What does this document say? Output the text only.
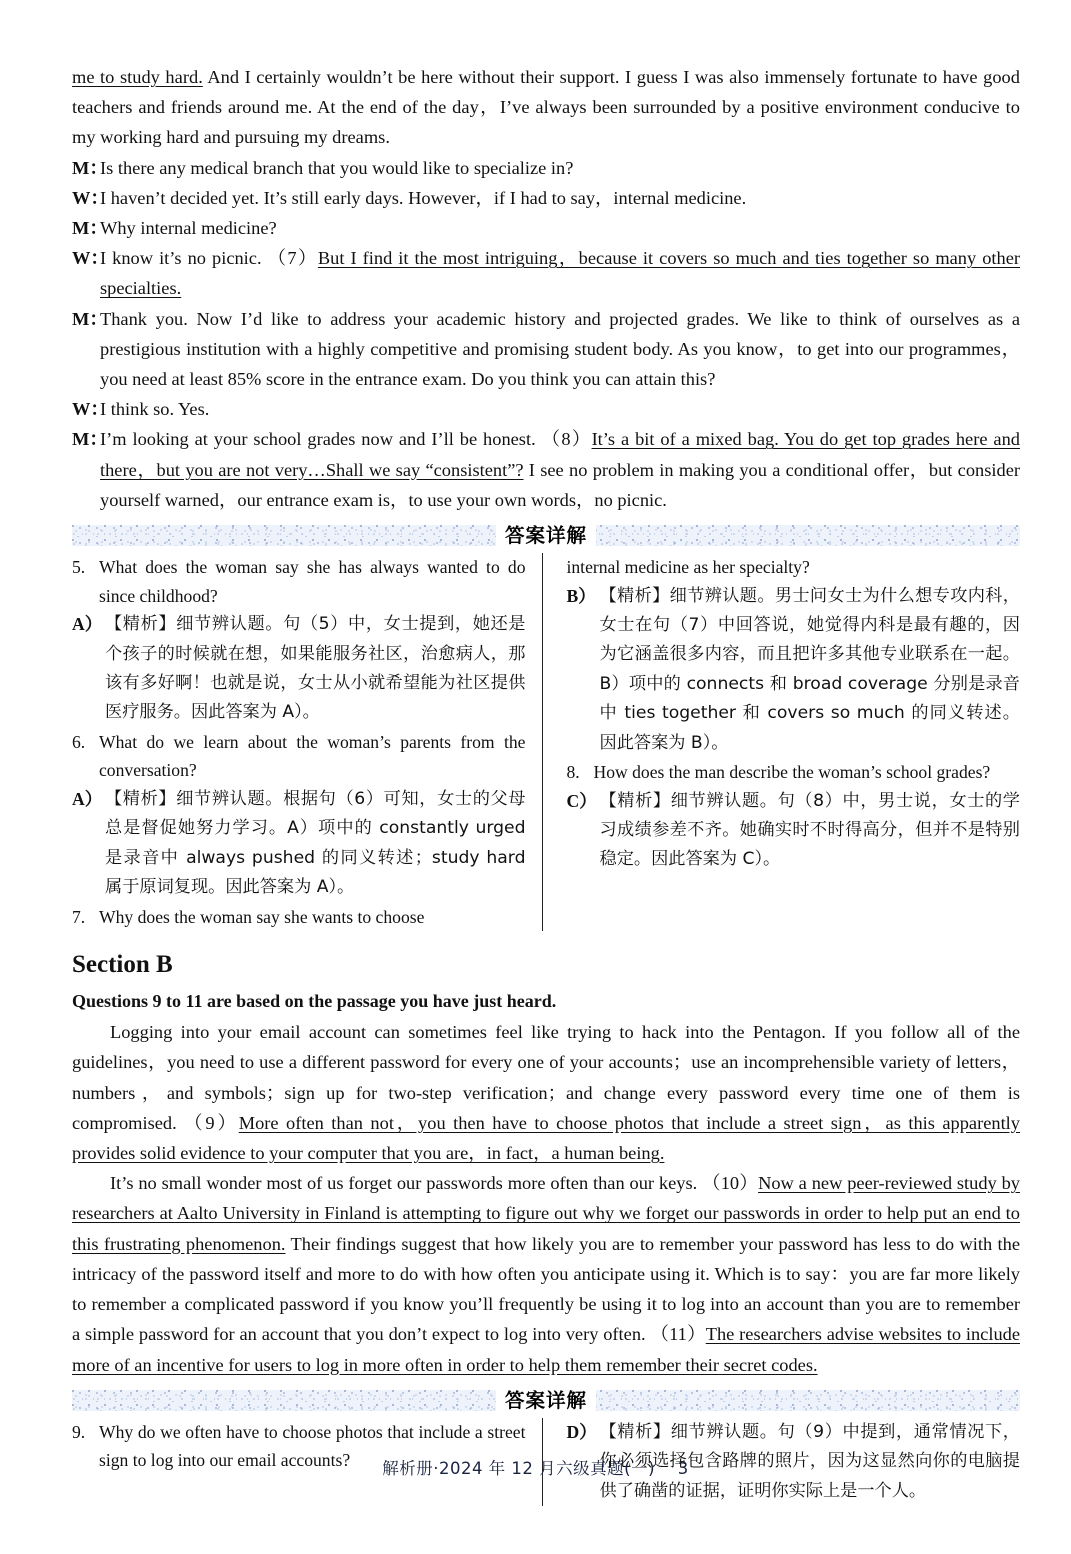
me to study hard. And I certainly wouldn’t be here without their support. I guess I was also immensely fortunate to have good teachers and friends around me. At the end of the day，I’ve always been surrounded by a positive environment conducive to my working hard and pursuing my dreams.

M：
Is there any medical branch that you would like to specialize in?
W：
I haven’t decided yet. It’s still early days. However，if I had to say，internal medicine.
M：
Why internal medicine?
W：
I know it’s no picnic. （7）But I find it the most intriguing，because it covers so much and ties together so many other specialties.
M：
Thank you. Now I’d like to address your academic history and projected grades. We like to think of ourselves as a prestigious institution with a highly competitive and promising student body. As you know，to get into our programmes，you need at least 85% score in the entrance exam. Do you think you can attain this?
W：
I think so. Yes.
M：
I’m looking at your school grades now and I’ll be honest. （8）It’s a bit of a mixed bag. You do get top grades here and there，but you are not very…Shall we say “consistent”? I see no problem in making you a conditional offer，but consider yourself warned，our entrance exam is，to use your own words，no picnic.
答案详解
5. What does the woman say she has always wanted to do since childhood?
A） 【精析】细节辨认题。句（5）中，女士提到，她还是个孩子的时候就在想，如果能服务社区，治愈病人，那该有多好啊！也就是说，女士从小就希望能为社区提供医疗服务。因此答案为 A）。
6. What do we learn about the woman’s parents from the conversation?
A） 【精析】细节辨认题。根据句（6）可知，女士的父母总是督促她努力学习。A）项中的 constantly urged 是录音中 always pushed 的同义转述；study hard 属于原词复现。因此答案为 A）。
7. Why does the woman say she wants to choose
internal medicine as her specialty?
B） 【精析】细节辨认题。男士问女士为什么想专攻内科，女士在句（7）中回答说，她觉得内科是最有趣的，因为它涵盖很多内容，而且把许多其他专业联系在一起。B）项中的 connects 和 broad coverage 分别是录音中 ties together 和 covers so much 的同义转述。因此答案为 B）。
8. How does the man describe the woman’s school grades?
C） 【精析】细节辨认题。句（8）中，男士说，女士的学习成绩参差不齐。她确实时不时得高分，但并不是特别稳定。因此答案为 C）。
Section B
Questions 9 to 11 are based on the passage you have just heard.

Logging into your email account can sometimes feel like trying to hack into the Pentagon. If you follow all of the guidelines，you need to use a different password for every one of your accounts；use an incomprehensible variety of letters，numbers，and symbols；sign up for two-step verification；and change every password every time one of them is compromised. （9）More often than not，you then have to choose photos that include a street sign，as this apparently provides solid evidence to your computer that you are，in fact，a human being.

It’s no small wonder most of us forget our passwords more often than our keys. （10）Now a new peer-reviewed study by researchers at Aalto University in Finland is attempting to figure out why we forget our passwords in order to help put an end to this frustrating phenomenon. Their findings suggest that how likely you are to remember your password has less to do with the intricacy of the password itself and more to do with how often you anticipate using it. Which is to say：you are far more likely to remember a complicated password if you know you’ll frequently be using it to log into an account than you are to remember a simple password for an account that you don’t expect to log into very often. （11）The researchers advise websites to include more of an incentive for users to log in more often in order to help them remember their secret codes.

答案详解
9. Why do we often have to choose photos that include a street sign to log into our email accounts?
D） 【精析】细节辨认题。句（9）中提到，通常情况下，你必须选择包含路牌的照片，因为这显然向你的电脑提供了确凿的证据，证明你实际上是一个人。
解析册·2024 年 12 月六级真题(一)　 3
